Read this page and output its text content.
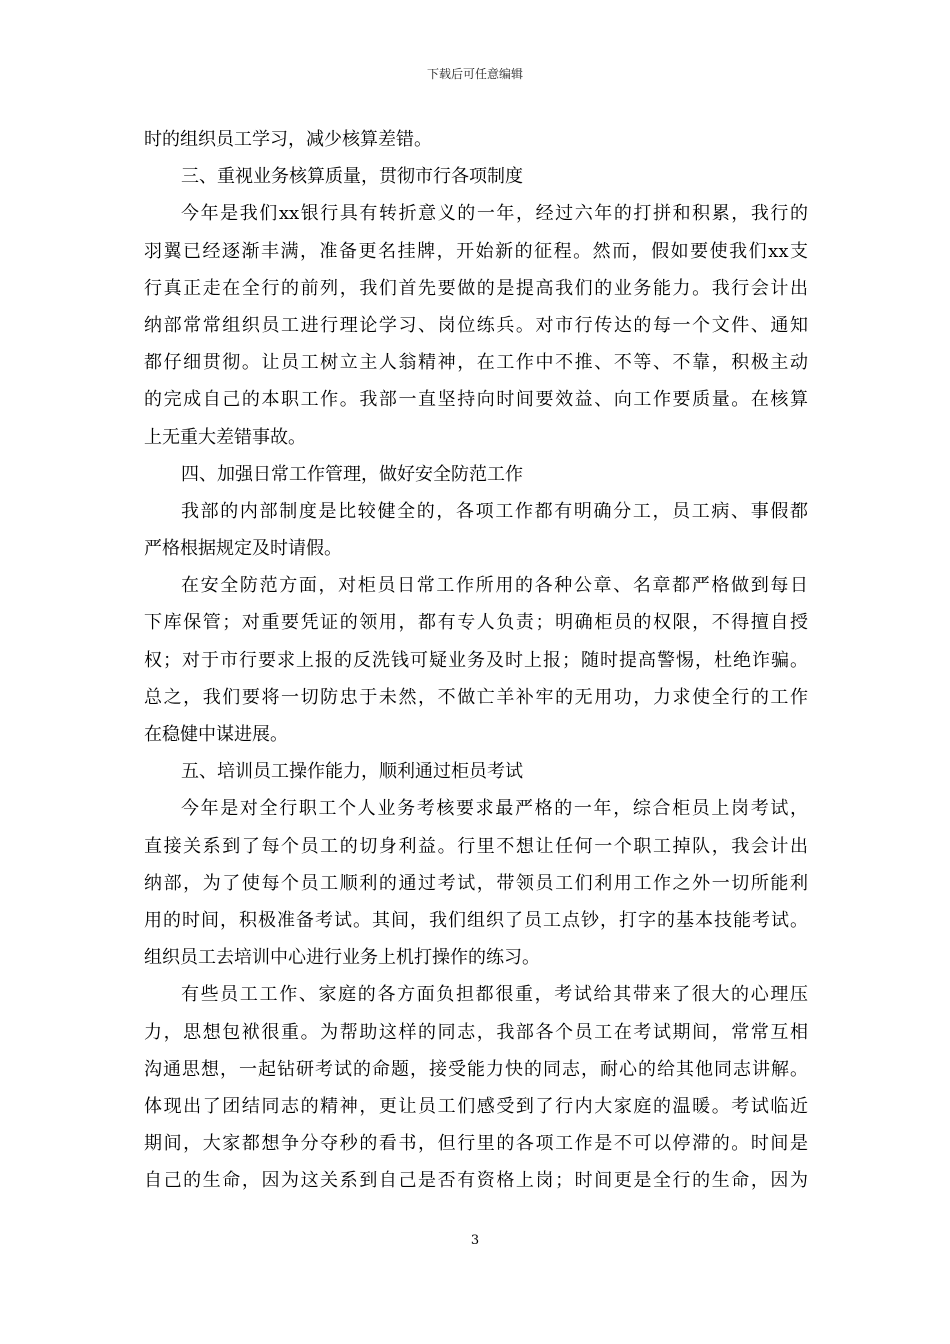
下载后可任意编辑
时的组织员工学习，减少核算差错。
三、重视业务核算质量，贯彻市行各项制度
今年是我们xx银行具有转折意义的一年，经过六年的打拼和积累，我行的
羽翼已经逐渐丰满，准备更名挂牌，开始新的征程。然而，假如要使我们xx支
行真正走在全行的前列，我们首先要做的是提高我们的业务能力。我行会计出
纳部常常组织员工进行理论学习、岗位练兵。对市行传达的每一个文件、通知
都仔细贯彻。让员工树立主人翁精神，在工作中不推、不等、不靠，积极主动
的完成自己的本职工作。我部一直坚持向时间要效益、向工作要质量。在核算
上无重大差错事故。
四、加强日常工作管理，做好安全防范工作
我部的内部制度是比较健全的，各项工作都有明确分工，员工病、事假都
严格根据规定及时请假。
在安全防范方面，对柜员日常工作所用的各种公章、名章都严格做到每日
下库保管；对重要凭证的领用，都有专人负责；明确柜员的权限，不得擅自授
权；对于市行要求上报的反洗钱可疑业务及时上报；随时提高警惕，杜绝诈骗。
总之，我们要将一切防忠于未然，不做亡羊补牢的无用功，力求使全行的工作
在稳健中谋进展。
五、培训员工操作能力，顺利通过柜员考试
今年是对全行职工个人业务考核要求最严格的一年，综合柜员上岗考试，
直接关系到了每个员工的切身利益。行里不想让任何一个职工掉队，我会计出
纳部，为了使每个员工顺利的通过考试，带领员工们利用工作之外一切所能利
用的时间，积极准备考试。其间，我们组织了员工点钞，打字的基本技能考试。
组织员工去培训中心进行业务上机打操作的练习。
有些员工工作、家庭的各方面负担都很重，考试给其带来了很大的心理压
力，思想包袱很重。为帮助这样的同志，我部各个员工在考试期间，常常互相
沟通思想，一起钻研考试的命题，接受能力快的同志，耐心的给其他同志讲解。
体现出了团结同志的精神，更让员工们感受到了行内大家庭的温暖。考试临近
期间，大家都想争分夺秒的看书，但行里的各项工作是不可以停滞的。时间是
自己的生命，因为这关系到自己是否有资格上岗；时间更是全行的生命，因为
3
